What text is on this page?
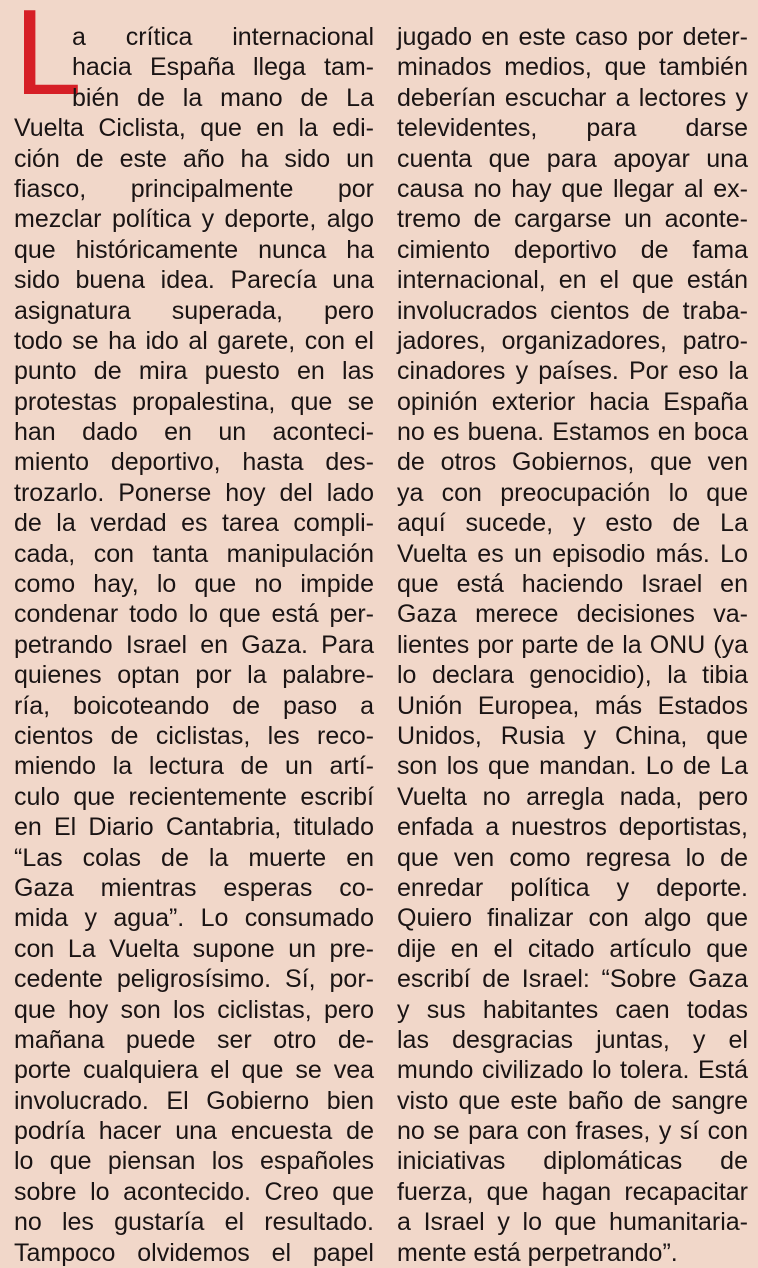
L
a crítica internacional
hacia España llega tam-
bién de la mano de La
Vuelta Ciclista, que en la edi-
ción de este año ha sido un
fiasco, principalmente por
mezclar política y deporte, algo
que históricamente nunca ha
sido buena idea. Parecía una
asignatura superada, pero
todo se ha ido al garete, con el
punto de mira puesto en las
protestas propalestina, que se
han dado en un aconteci-
miento deportivo, hasta des-
trozarlo. Ponerse hoy del lado
de la verdad es tarea compli-
cada, con tanta manipulación
como hay, lo que no impide
condenar todo lo que está per-
petrando Israel en Gaza. Para
quienes optan por la palabre-
ría, boicoteando de paso a
cientos de ciclistas, les reco-
miendo la lectura de un artí-
culo que recientemente escribí
en El Diario Cantabria, titulado
“Las colas de la muerte en
Gaza mientras esperas co-
mida y agua”. Lo consumado
con La Vuelta supone un pre-
cedente peligrosísimo. Sí, por-
que hoy son los ciclistas, pero
mañana puede ser otro de-
porte cualquiera el que se vea
involucrado. El Gobierno bien
podría hacer una encuesta de
lo que piensan los españoles
sobre lo acontecido. Creo que
no les gustaría el resultado.
Tampoco olvidemos el papel
jugado en este caso por deter-
minados medios, que también
deberían escuchar a lectores y
televidentes, para darse
cuenta que para apoyar una
causa no hay que llegar al ex-
tremo de cargarse un aconte-
cimiento deportivo de fama
internacional, en el que están
involucrados cientos de traba-
jadores, organizadores, patro-
cinadores y países. Por eso la
opinión exterior hacia España
no es buena. Estamos en boca
de otros Gobiernos, que ven
ya con preocupación lo que
aquí sucede, y esto de La
Vuelta es un episodio más. Lo
que está haciendo Israel en
Gaza merece decisiones va-
lientes por parte de la ONU (ya
lo declara genocidio), la tibia
Unión Europea, más Estados
Unidos, Rusia y China, que
son los que mandan. Lo de La
Vuelta no arregla nada, pero
enfada a nuestros deportistas,
que ven como regresa lo de
enredar política y deporte.
Quiero finalizar con algo que
dije en el citado artículo que
escribí de Israel: “Sobre Gaza
y sus habitantes caen todas
las desgracias juntas, y el
mundo civilizado lo tolera. Está
visto que este baño de sangre
no se para con frases, y sí con
iniciativas diplomáticas de
fuerza, que hagan recapacitar
a Israel y lo que humanitaria-
mente está perpetrando”.
